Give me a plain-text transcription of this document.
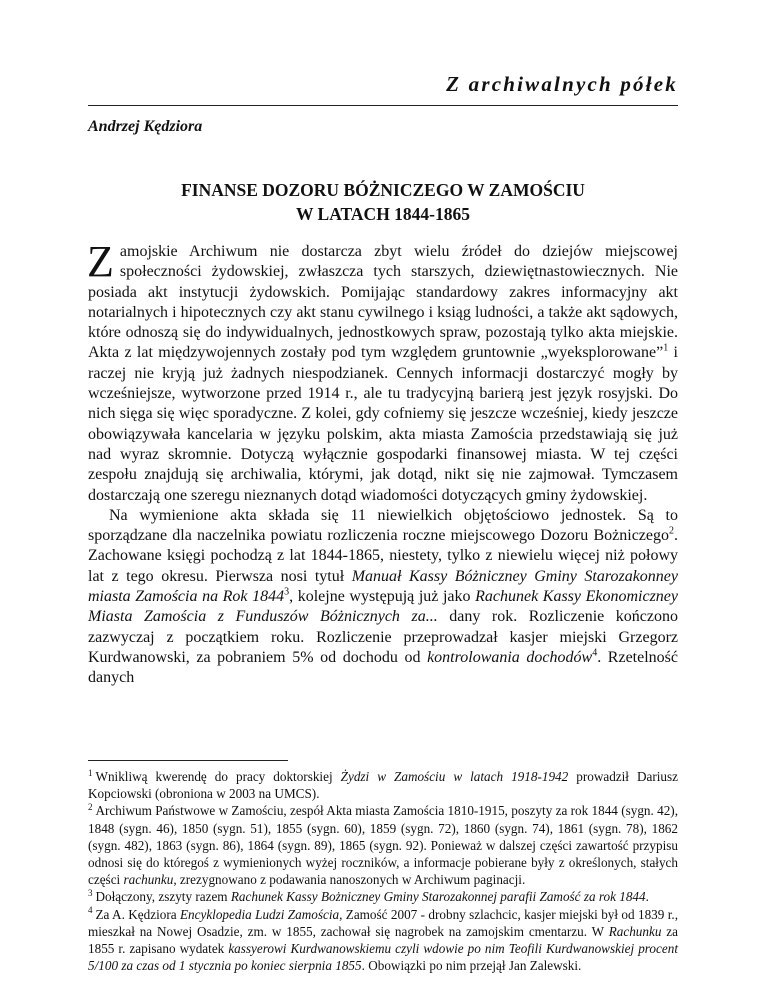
Z archiwalnych półek
Andrzej Kędziora
FINANSE DOZORU BÓŻNICZEGO W ZAMOŚCIU
W LATACH 1844-1865

Zamojskie Archiwum nie dostarcza zbyt wielu źródeł do dziejów miejscowej społeczności żydowskiej, zwłaszcza tych starszych, dziewiętnastowiecznych. Nie posiada akt instytucji żydowskich. Pomijając standardowy zakres informacyjny akt notarialnych i hipotecznych czy akt stanu cywilnego i ksiąg ludności, a także akt sądowych, które odnoszą się do indywidualnych, jednostkowych spraw, pozostają tylko akta miejskie. Akta z lat międzywojennych zostały pod tym względem gruntownie „wyeksplorowane”$^1$ i raczej nie kryją już żadnych niespodzianek. Cennych informacji dostarczyć mogły by wcześniejsze, wytworzone przed 1914 r., ale tu tradycyjną barierą jest język rosyjski. Do nich sięga się więc sporadyczne. Z kolei, gdy cofniemy się jeszcze wcześniej, kiedy jeszcze obowiązywała kancelaria w języku polskim, akta miasta Zamościa przedstawiają się już nad wyraz skromnie. Dotyczą wyłącznie gospodarki finansowej miasta. W tej części zespołu znajdują się archiwalia, którymi, jak dotąd, nikt się nie zajmował. Tymczasem dostarczają one szeregu nieznanych dotąd wiadomości dotyczących gminy żydowskiej.

Na wymienione akta składa się 11 niewielkich objętościowo jednostek. Są to sporządzane dla naczelnika powiatu rozliczenia roczne miejscowego Dozoru Bożniczego$^2$. Zachowane księgi pochodzą z lat 1844-1865, niestety, tylko z niewielu więcej niż połowy lat z tego okresu. Pierwsza nosi tytuł Manuał Kassy Bóżniczney Gminy Starozakonney miasta Zamościa na Rok 1844$^3$, kolejne występują już jako Rachunek Kassy Ekonomiczney Miasta Zamościa z Funduszów Bóżnicznych za... dany rok. Rozliczenie kończono zazwyczaj z początkiem roku. Rozliczenie przeprowadzał kasjer miejski Grzegorz Kurdwanowski, za pobraniem 5% od dochodu od kontrolowania dochodów$^4$. Rzetelność danych

$^1$ Wnikliwą kwerendę do pracy doktorskiej Żydzi w Zamościu w latach 1918-1942 prowadził Dariusz Kopciowski (obroniona w 2003 na UMCS).

$^2$ Archiwum Państwowe w Zamościu, zespół Akta miasta Zamościa 1810-1915, poszyty za rok 1844 (sygn. 42), 1848 (sygn. 46), 1850 (sygn. 51), 1855 (sygn. 60), 1859 (sygn. 72), 1860 (sygn. 74), 1861 (sygn. 78), 1862 (sygn. 482), 1863 (sygn. 86), 1864 (sygn. 89), 1865 (sygn. 92). Ponieważ w dalszej części zawartość przypisu odnosi się do któregoś z wymienionych wyżej roczników, a informacje pobierane były z określonych, stałych części rachunku, zrezygnowano z podawania nanoszonych w Archiwum paginacji.

$^3$ Dołączony, zszyty razem Rachunek Kassy Bożniczney Gminy Starozakonnej parafii Zamość za rok 1844.

$^4$ Za A. Kędziora Encyklopedia Ludzi Zamościa, Zamość 2007 - drobny szlachcic, kasjer miejski był od 1839 r., mieszkał na Nowej Osadzie, zm. w 1855, zachował się nagrobek na zamojskim cmentarzu. W Rachunku za 1855 r. zapisano wydatek kassyerowi Kurdwanowskiemu czyli wdowie po nim Teofili Kurdwanowskiej procent 5/100 za czas od 1 stycznia po koniec sierpnia 1855. Obowiązki po nim przejął Jan Zalewski.
